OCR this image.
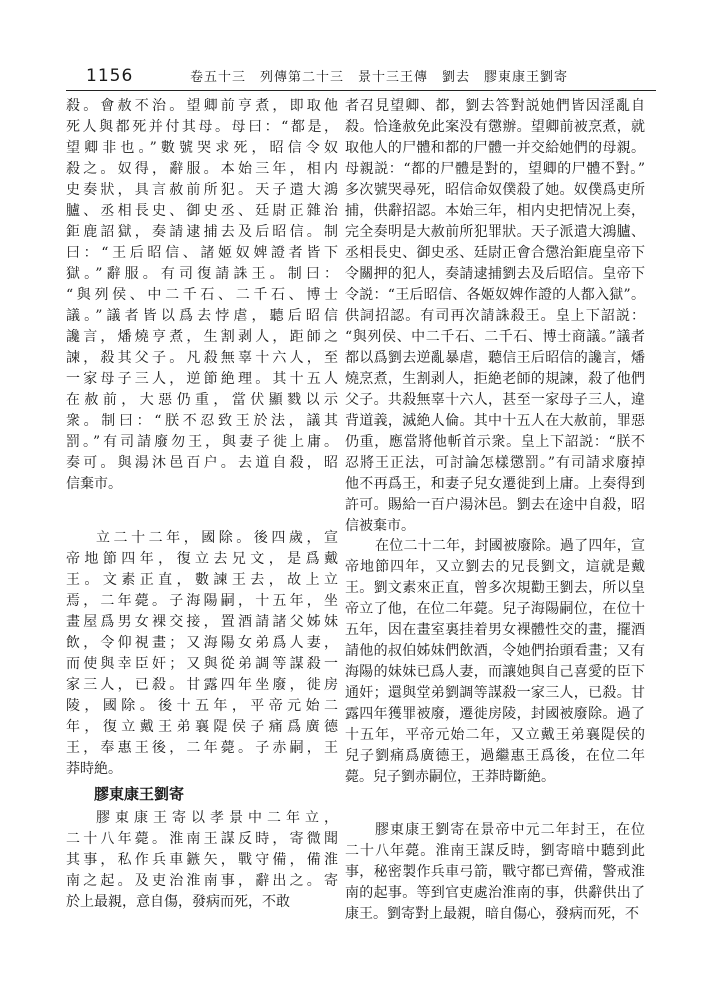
1156	卷五十三　列傳第二十三　景十三王傳　劉去　膠東康王劉寄
殺。會赦不治。望卿前亨煮，即取他
死人與都死并付其母。母曰：“都是，
望卿非也。”數號哭求死，昭信令奴
殺之。奴得，辭服。本始三年，相内
史奏狀，具言赦前所犯。天子遣大鴻
臚、丞相長史、御史丞、廷尉正雜治
鉅鹿詔獄，奏請逮捕去及后昭信。制
曰：“王后昭信、諸姬奴婢證者皆下
獄。”辭服。有司復請誅王。制曰：
“與列侯、中二千石、二千石、博士
議。”議者皆以爲去悖虐，聽后昭信
讒言，燔燒亨煮，生割剥人，距師之
諫，殺其父子。凡殺無辜十六人，至
一家母子三人，逆節絶理。其十五人
在赦前，大惡仍重，當伏顯戮以示
衆。制曰：“朕不忍致王於法，議其
罰。”有司請廢勿王，與妻子徙上庸。
奏可。與湯沐邑百户。去道自殺，昭
信棄市。
立二十二年，國除。後四歲，宣
帝地節四年，復立去兄文，是爲戴
王。文素正直，數諫王去，故上立
焉，二年薨。子海陽嗣，十五年，坐
畫屋爲男女裸交接，置酒請諸父姊妹
飲，令仰視畫；又海陽女弟爲人妻，
而使與幸臣奸；又與從弟調等謀殺一
家三人，已殺。甘露四年坐廢，徙房
陵，國除。後十五年，平帝元始二
年，復立戴王弟襄隄侯子痛爲廣德
王，奉惠王後，二年薨。子赤嗣，王
莽時絶。
膠東康王劉寄
膠東康王寄以孝景中二年立，
二十八年薨。淮南王謀反時，寄微聞
其事，私作兵車鏃矢，戰守備，備淮
南之起。及吏治淮南事，辭出之。寄
於上最親，意自傷，發病而死，不敢
者召見望卿、都，劉去答對説她們皆因淫亂自
殺。恰逢赦免此案没有懲辦。望卿前被烹煮，就
取他人的尸體和都的尸體一并交給她們的母親。
母親説：“都的尸體是對的，望卿的尸體不對。”
多次號哭尋死，昭信命奴僕殺了她。奴僕爲吏所
捕，供辭招認。本始三年，相内史把情况上奏，
完全奏明是大赦前所犯罪狀。天子派遣大鴻臚、
丞相長史、御史丞、廷尉正會合懲治鉅鹿皇帝下
令關押的犯人，奏請逮捕劉去及后昭信。皇帝下
令説：“王后昭信、各姬奴婢作證的人都入獄”。
供詞招認。有司再次請誅殺王。皇上下詔説：
“與列侯、中二千石、二千石、博士商議。”議者
都以爲劉去逆亂暴虐，聽信王后昭信的讒言，燔
燒烹煮，生割剥人，拒絶老師的規諫，殺了他們
父子。共殺無辜十六人，甚至一家母子三人，違
背道義，滅絶人倫。其中十五人在大赦前，罪惡
仍重，應當將他斬首示衆。皇上下詔説：“朕不
忍將王正法，可討論怎樣懲罰。”有司請求廢掉
他不再爲王，和妻子兒女遷徙到上庸。上奏得到
許可。賜給一百户湯沐邑。劉去在途中自殺，昭
信被棄市。
在位二十二年，封國被廢除。過了四年，宣
帝地節四年，又立劉去的兄長劉文，這就是戴
王。劉文素來正直，曾多次規勸王劉去，所以皇
帝立了他，在位二年薨。兒子海陽嗣位，在位十
五年，因在畫室裏挂着男女裸體性交的畫，擺酒
請他的叔伯姊妹們飲酒，令她們抬頭看畫；又有
海陽的妹妹已爲人妻，而讓她與自己喜愛的臣下
通奸；還與堂弟劉調等謀殺一家三人，已殺。甘
露四年獲罪被廢，遷徙房陵，封國被廢除。過了
十五年，平帝元始二年，又立戴王弟襄隄侯的
兒子劉痛爲廣德王，過繼惠王爲後，在位二年
薨。兒子劉赤嗣位，王莽時斷絶。
膠東康王劉寄在景帝中元二年封王，在位
二十八年薨。淮南王謀反時，劉寄暗中聽到此
事，秘密製作兵車弓箭，戰守都已齊備，警戒淮
南的起事。等到官吏處治淮南的事，供辭供出了
康王。劉寄對上最親，暗自傷心，發病而死，不
